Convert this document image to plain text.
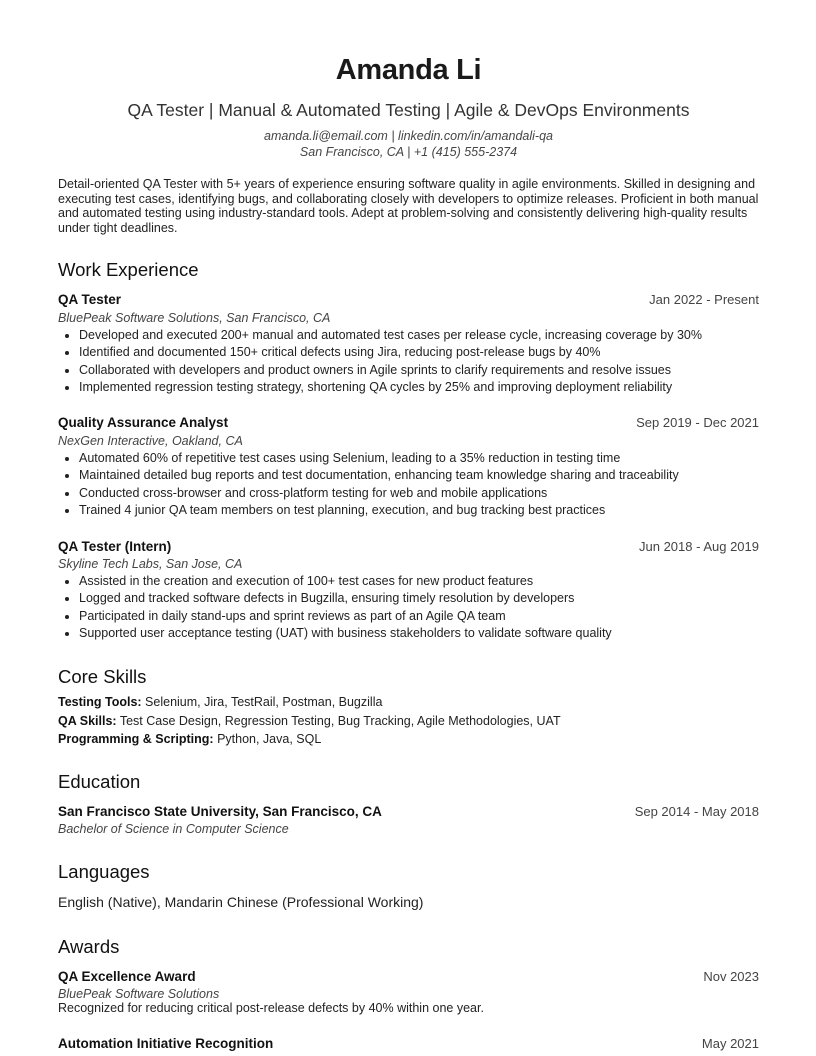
Amanda Li
QA Tester | Manual & Automated Testing | Agile & DevOps Environments
amanda.li@email.com | linkedin.com/in/amandali-qa
San Francisco, CA | +1 (415) 555-2374
Detail-oriented QA Tester with 5+ years of experience ensuring software quality in agile environments. Skilled in designing and executing test cases, identifying bugs, and collaborating closely with developers to optimize releases. Proficient in both manual and automated testing using industry-standard tools. Adept at problem-solving and consistently delivering high-quality results under tight deadlines.
Work Experience
QA Tester	Jan 2022 - Present
BluePeak Software Solutions, San Francisco, CA
Developed and executed 200+ manual and automated test cases per release cycle, increasing coverage by 30%
Identified and documented 150+ critical defects using Jira, reducing post-release bugs by 40%
Collaborated with developers and product owners in Agile sprints to clarify requirements and resolve issues
Implemented regression testing strategy, shortening QA cycles by 25% and improving deployment reliability
Quality Assurance Analyst	Sep 2019 - Dec 2021
NexGen Interactive, Oakland, CA
Automated 60% of repetitive test cases using Selenium, leading to a 35% reduction in testing time
Maintained detailed bug reports and test documentation, enhancing team knowledge sharing and traceability
Conducted cross-browser and cross-platform testing for web and mobile applications
Trained 4 junior QA team members on test planning, execution, and bug tracking best practices
QA Tester (Intern)	Jun 2018 - Aug 2019
Skyline Tech Labs, San Jose, CA
Assisted in the creation and execution of 100+ test cases for new product features
Logged and tracked software defects in Bugzilla, ensuring timely resolution by developers
Participated in daily stand-ups and sprint reviews as part of an Agile QA team
Supported user acceptance testing (UAT) with business stakeholders to validate software quality
Core Skills
Testing Tools: Selenium, Jira, TestRail, Postman, Bugzilla
QA Skills: Test Case Design, Regression Testing, Bug Tracking, Agile Methodologies, UAT
Programming & Scripting: Python, Java, SQL
Education
San Francisco State University, San Francisco, CA	Sep 2014 - May 2018
Bachelor of Science in Computer Science
Languages
English (Native), Mandarin Chinese (Professional Working)
Awards
QA Excellence Award	Nov 2023
BluePeak Software Solutions
Recognized for reducing critical post-release defects by 40% within one year.
Automation Initiative Recognition	May 2021
